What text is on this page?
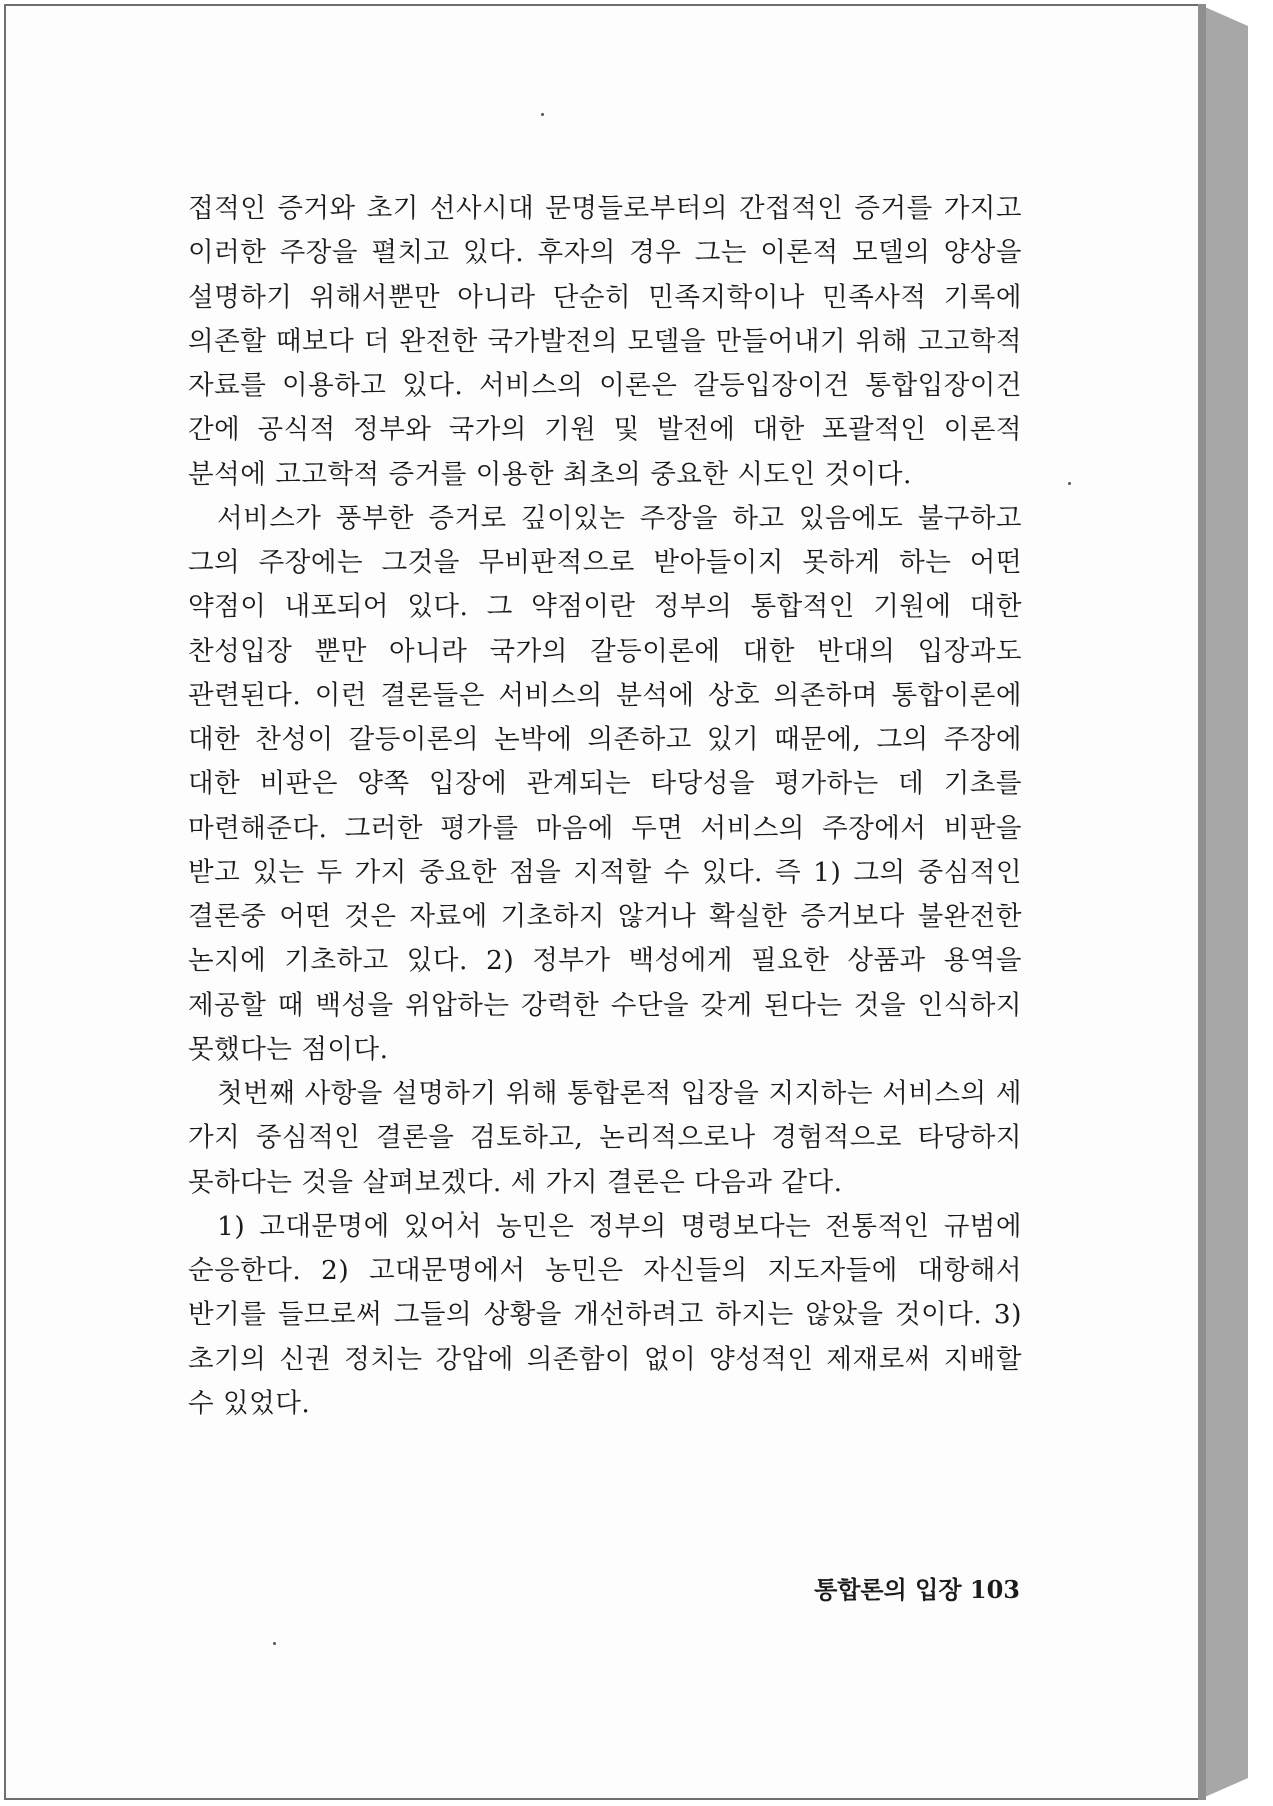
접적인 증거와 초기 선사시대 문명들로부터의 간접적인 증거를 가지고 이러한 주장을 펼치고 있다. 후자의 경우 그는 이론적 모델의 양상을 설명하기 위해서뿐만 아니라 단순히 민족지학이나 민족사적 기록에 의존할 때보다 더 완전한 국가발전의 모델을 만들어내기 위해 고고학적 자료를 이용하고 있다. 서비스의 이론은 갈등입장이건 통합입장이건 간에 공식적 정부와 국가의 기원 및 발전에 대한 포괄적인 이론적 분석에 고고학적 증거를 이용한 최초의 중요한 시도인 것이다.

서비스가 풍부한 증거로 깊이있는 주장을 하고 있음에도 불구하고 그의 주장에는 그것을 무비판적으로 받아들이지 못하게 하는 어떤 약점이 내포되어 있다. 그 약점이란 정부의 통합적인 기원에 대한 찬성입장 뿐만 아니라 국가의 갈등이론에 대한 반대의 입장과도 관련된다. 이런 결론들은 서비스의 분석에 상호 의존하며 통합이론에 대한 찬성이 갈등이론의 논박에 의존하고 있기 때문에, 그의 주장에 대한 비판은 양쪽 입장에 관계되는 타당성을 평가하는 데 기초를 마련해준다. 그러한 평가를 마음에 두면 서비스의 주장에서 비판을 받고 있는 두 가지 중요한 점을 지적할 수 있다. 즉 1) 그의 중심적인 결론중 어떤 것은 자료에 기초하지 않거나 확실한 증거보다 불완전한 논지에 기초하고 있다. 2) 정부가 백성에게 필요한 상품과 용역을 제공할 때 백성을 위압하는 강력한 수단을 갖게 된다는 것을 인식하지 못했다는 점이다.

첫번째 사항을 설명하기 위해 통합론적 입장을 지지하는 서비스의 세 가지 중심적인 결론을 검토하고, 논리적으로나 경험적으로 타당하지 못하다는 것을 살펴보겠다. 세 가지 결론은 다음과 같다.

1) 고대문명에 있어서 농민은 정부의 명령보다는 전통적인 규범에 순응한다. 2) 고대문명에서 농민은 자신들의 지도자들에 대항해서 반기를 들므로써 그들의 상황을 개선하려고 하지는 않았을 것이다. 3) 초기의 신권 정치는 강압에 의존함이 없이 양성적인 제재로써 지배할 수 있었다.

통합론의 입장 103
